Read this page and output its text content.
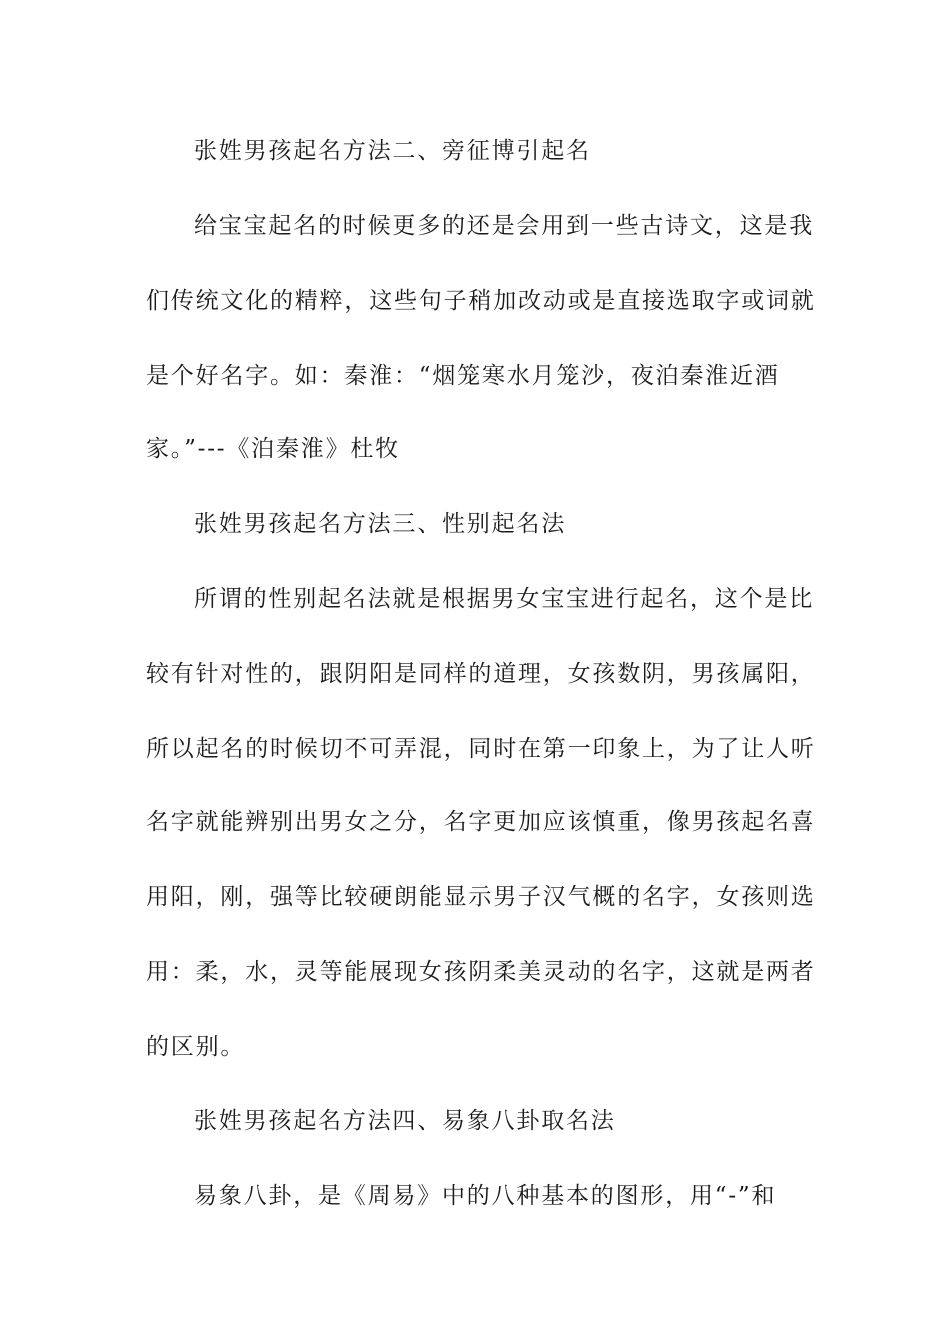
张姓男孩起名方法二、旁征博引起名
给宝宝起名的时候更多的还是会用到一些古诗文，这是我
们传统文化的精粹，这些句子稍加改动或是直接选取字或词就
是个好名字。如：秦淮：“烟笼寒水月笼沙，夜泊秦淮近酒
家。”---《泊秦淮》杜牧
张姓男孩起名方法三、性别起名法
所谓的性别起名法就是根据男女宝宝进行起名，这个是比
较有针对性的，跟阴阳是同样的道理，女孩数阴，男孩属阳，
所以起名的时候切不可弄混，同时在第一印象上，为了让人听
名字就能辨别出男女之分，名字更加应该慎重，像男孩起名喜
用阳，刚，强等比较硬朗能显示男子汉气概的名字，女孩则选
用：柔，水，灵等能展现女孩阴柔美灵动的名字，这就是两者
的区别。
张姓男孩起名方法四、易象八卦取名法
易象八卦，是《周易》中的八种基本的图形，用“-”和
